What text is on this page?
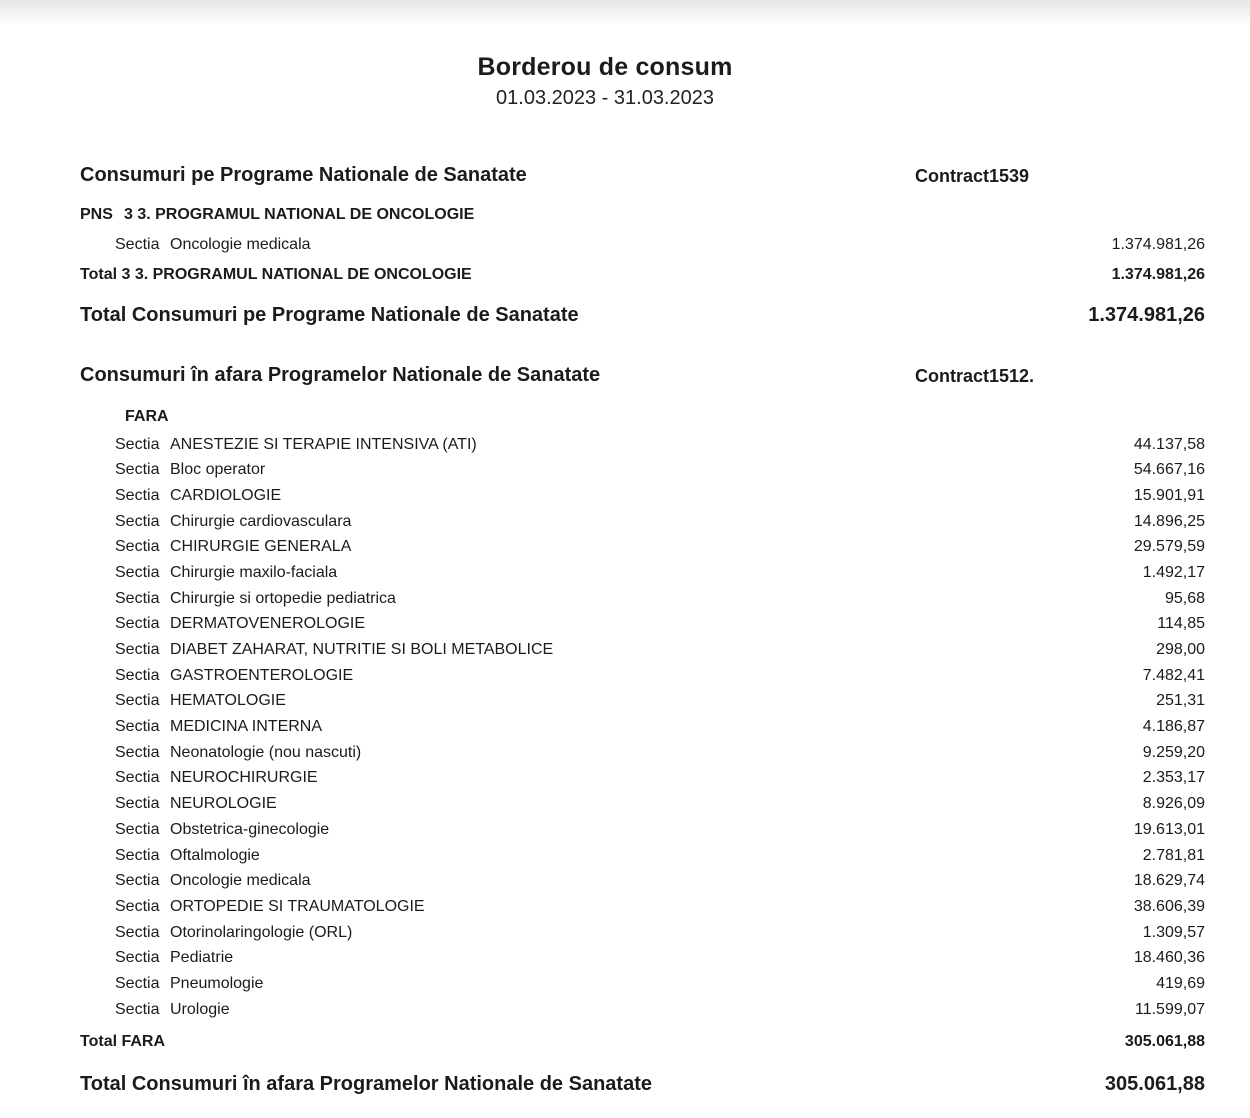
Borderou de consum
01.03.2023 - 31.03.2023
Consumuri pe Programe Nationale de Sanatate	Contract1539
PNS 3 3. PROGRAMUL NATIONAL DE ONCOLOGIE
Sectia Oncologie medicala	1.374.981,26
Total 3 3. PROGRAMUL NATIONAL DE ONCOLOGIE	1.374.981,26
Total Consumuri pe Programe Nationale de Sanatate	1.374.981,26
Consumuri în afara Programelor Nationale de Sanatate	Contract1512.
FARA
Sectia ANESTEZIE SI TERAPIE INTENSIVA (ATI)	44.137,58
Sectia Bloc operator	54.667,16
Sectia CARDIOLOGIE	15.901,91
Sectia Chirurgie cardiovasculara	14.896,25
Sectia CHIRURGIE GENERALA	29.579,59
Sectia Chirurgie maxilo-faciala	1.492,17
Sectia Chirurgie si ortopedie pediatrica	95,68
Sectia DERMATOVENEROLOGIE	114,85
Sectia DIABET ZAHARAT, NUTRITIE SI BOLI METABOLICE	298,00
Sectia GASTROENTEROLOGIE	7.482,41
Sectia HEMATOLOGIE	251,31
Sectia MEDICINA INTERNA	4.186,87
Sectia Neonatologie (nou nascuti)	9.259,20
Sectia NEUROCHIRURGIE	2.353,17
Sectia NEUROLOGIE	8.926,09
Sectia Obstetrica-ginecologie	19.613,01
Sectia Oftalmologie	2.781,81
Sectia Oncologie medicala	18.629,74
Sectia ORTOPEDIE SI TRAUMATOLOGIE	38.606,39
Sectia Otorinolaringologie (ORL)	1.309,57
Sectia Pediatrie	18.460,36
Sectia Pneumologie	419,69
Sectia Urologie	11.599,07
Total FARA	305.061,88
Total Consumuri în afara Programelor Nationale de Sanatate	305.061,88
